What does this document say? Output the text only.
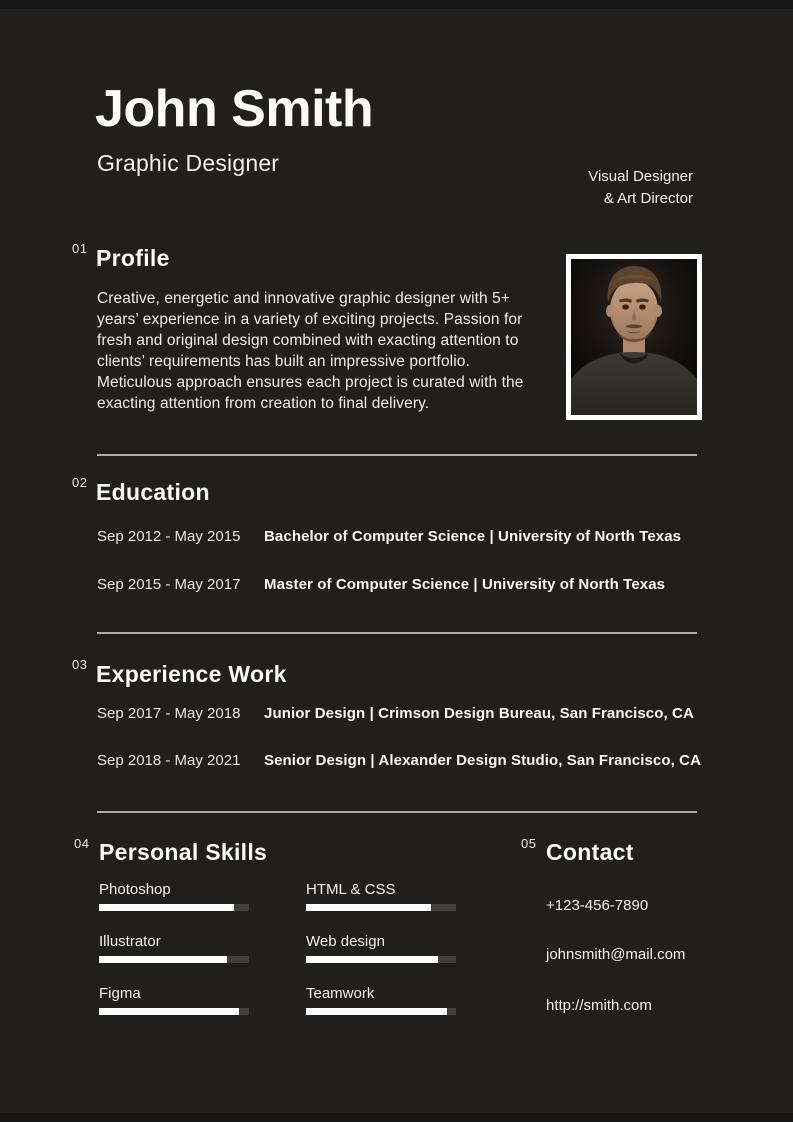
John Smith
Graphic Designer
Visual Designer
& Art Director
01 Profile
Creative, energetic and innovative graphic designer with 5+ years’ experience in a variety of exciting projects. Passion for fresh and original design combined with exacting attention to clients’ requirements has built an impressive portfolio. Meticulous approach ensures each project is curated with the exacting attention from creation to final delivery.
02 Education
Sep 2012 - May 2015	Bachelor of Computer Science | University of North Texas
Sep 2015 - May 2017	Master of Computer Science | University of North Texas
03 Experience Work
Sep 2017 - May 2018	Junior Design | Crimson Design Bureau, San Francisco, CA
Sep 2018 - May 2021	Senior Design | Alexander Design Studio, San Francisco, CA
04 Personal Skills
Photoshop	HTML & CSS
Illustrator	Web design
Figma	Teamwork
05 Contact
+123-456-7890
johnsmith@mail.com
http://smith.com
